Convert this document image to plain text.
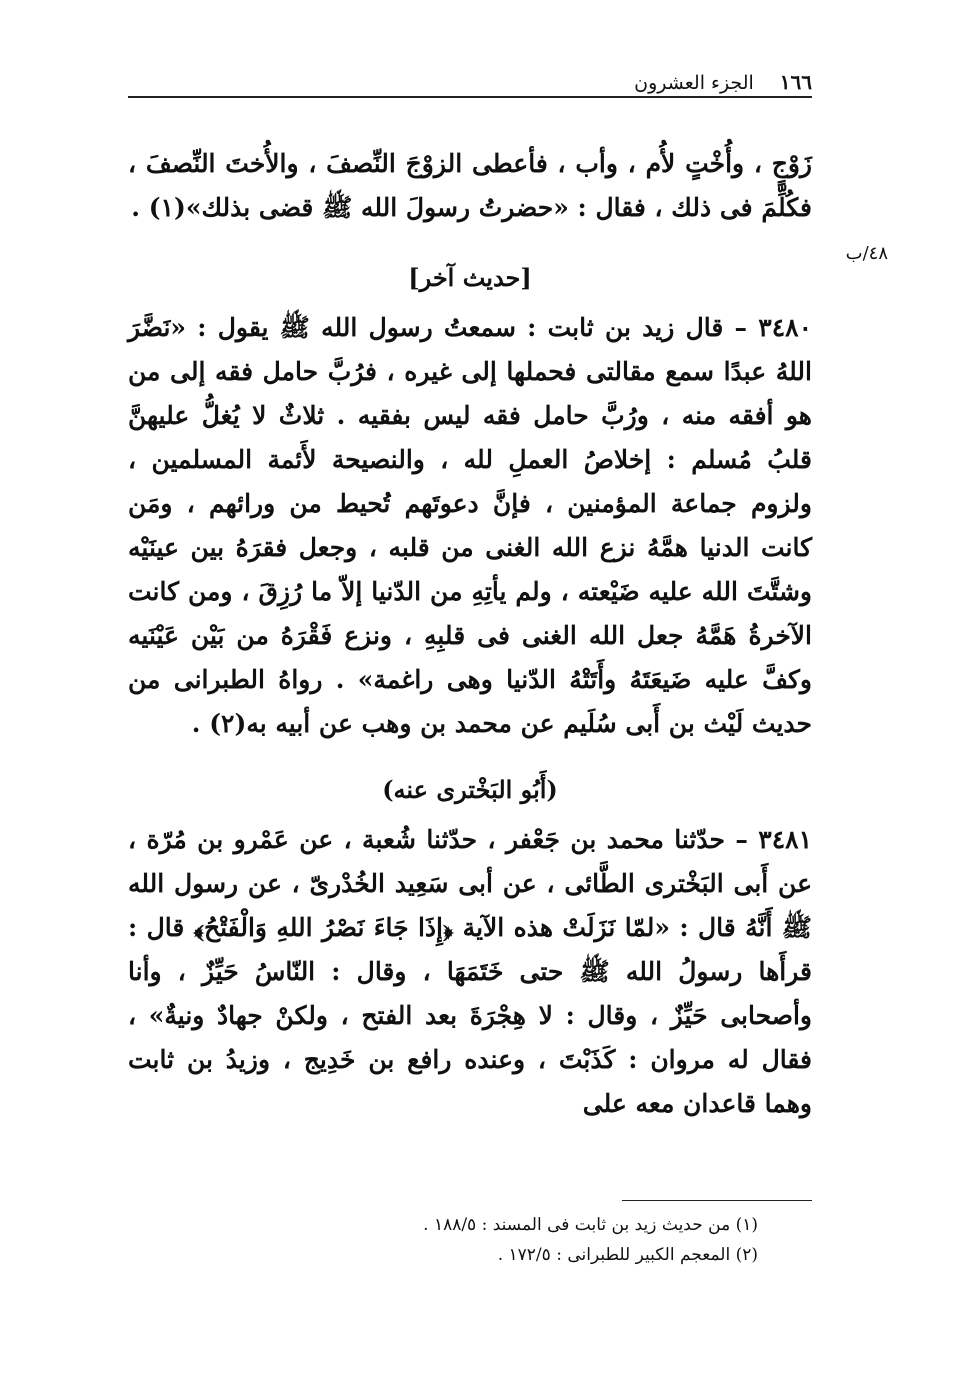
١٦٦
الجزء العشرون
٤٨/ب
زَوْجٍ ، وأُخْتٍ لأُم ، وأب ، فأعطى الزوْجَ النِّصفَ ، والأُختَ النِّصفَ ، فكُلِّمَ فى ذلك ، فقال : «حضرتُ رسولَ الله ﷺ قضى بذلك»(١) .
[حديث آخر]
٣٤٨٠ – قال زيد بن ثابت : سمعتُ رسول الله ﷺ يقول : «نَضَّرَ اللهُ عبدًا سمع مقالتى فحملها إلى غيره ، فرُبَّ حامل فقه إلى من هو أفقه منه ، ورُبَّ حامل فقه ليس بفقيه . ثلاثٌ لا يُغلُّ عليهنَّ قلبُ مُسلم : إخلاصُ العملِ لله ، والنصيحة لأَئمة المسلمين ، ولزوم جماعة المؤمنين ، فإنَّ دعوتَهم تُحيط من ورائهم ، ومَن كانت الدنيا همَّهُ نزع الله الغنى من قلبه ، وجعل فقرَهُ بين عينَيْه وشتَّتَ الله عليه ضَيْعته ، ولم يأتِهِ من الدّنيا إلاّ ما رُزِقَ ، ومن كانت الآخرةُ هَمَّهُ جعل الله الغنى فى قلبِهِ ، ونزع فَقْرَهُ من بَيْن عَيْنَيه وكفَّ عليه ضَيعَتَهُ وأَتَتْهُ الدّنيا وهى راغمة» . رواهُ الطبرانى من حديث لَيْث بن أَبى سُلَيم عن محمد بن وهب عن أبيه به(٢) .
(أَبُو البَخْترى عنه)
٣٤٨١ – حدّثنا محمد بن جَعْفر ، حدّثنا شُعبة ، عن عَمْرو بن مُرّة ، عن أَبى البَخْترى الطَّائى ، عن أبى سَعِيد الخُدْرىّ ، عن رسول الله ﷺ أَنَّهُ قال : «لمّا نَزَلَتْ هذه الآية ﴿إِذَا جَاءَ نَصْرُ اللهِ وَالْفَتْحُ﴾ قال : قرأَها رسولُ الله ﷺ حتى خَتَمَهَا ، وقال : النّاسُ حَيِّزٌ ، وأنا وأصحابى حَيِّزٌ ، وقال : لا هِجْرَةَ بعد الفتح ، ولكنْ جهادٌ ونيةٌ» ، فقال له مروان : كَذَبْتَ ، وعنده رافع بن خَدِيج ، وزيدُ بن ثابت وهما قاعدان معه على
(١) من حديث زيد بن ثابت فى المسند : ١٨٨/٥ .
(٢) المعجم الكبير للطبرانى : ١٧٢/٥ .
